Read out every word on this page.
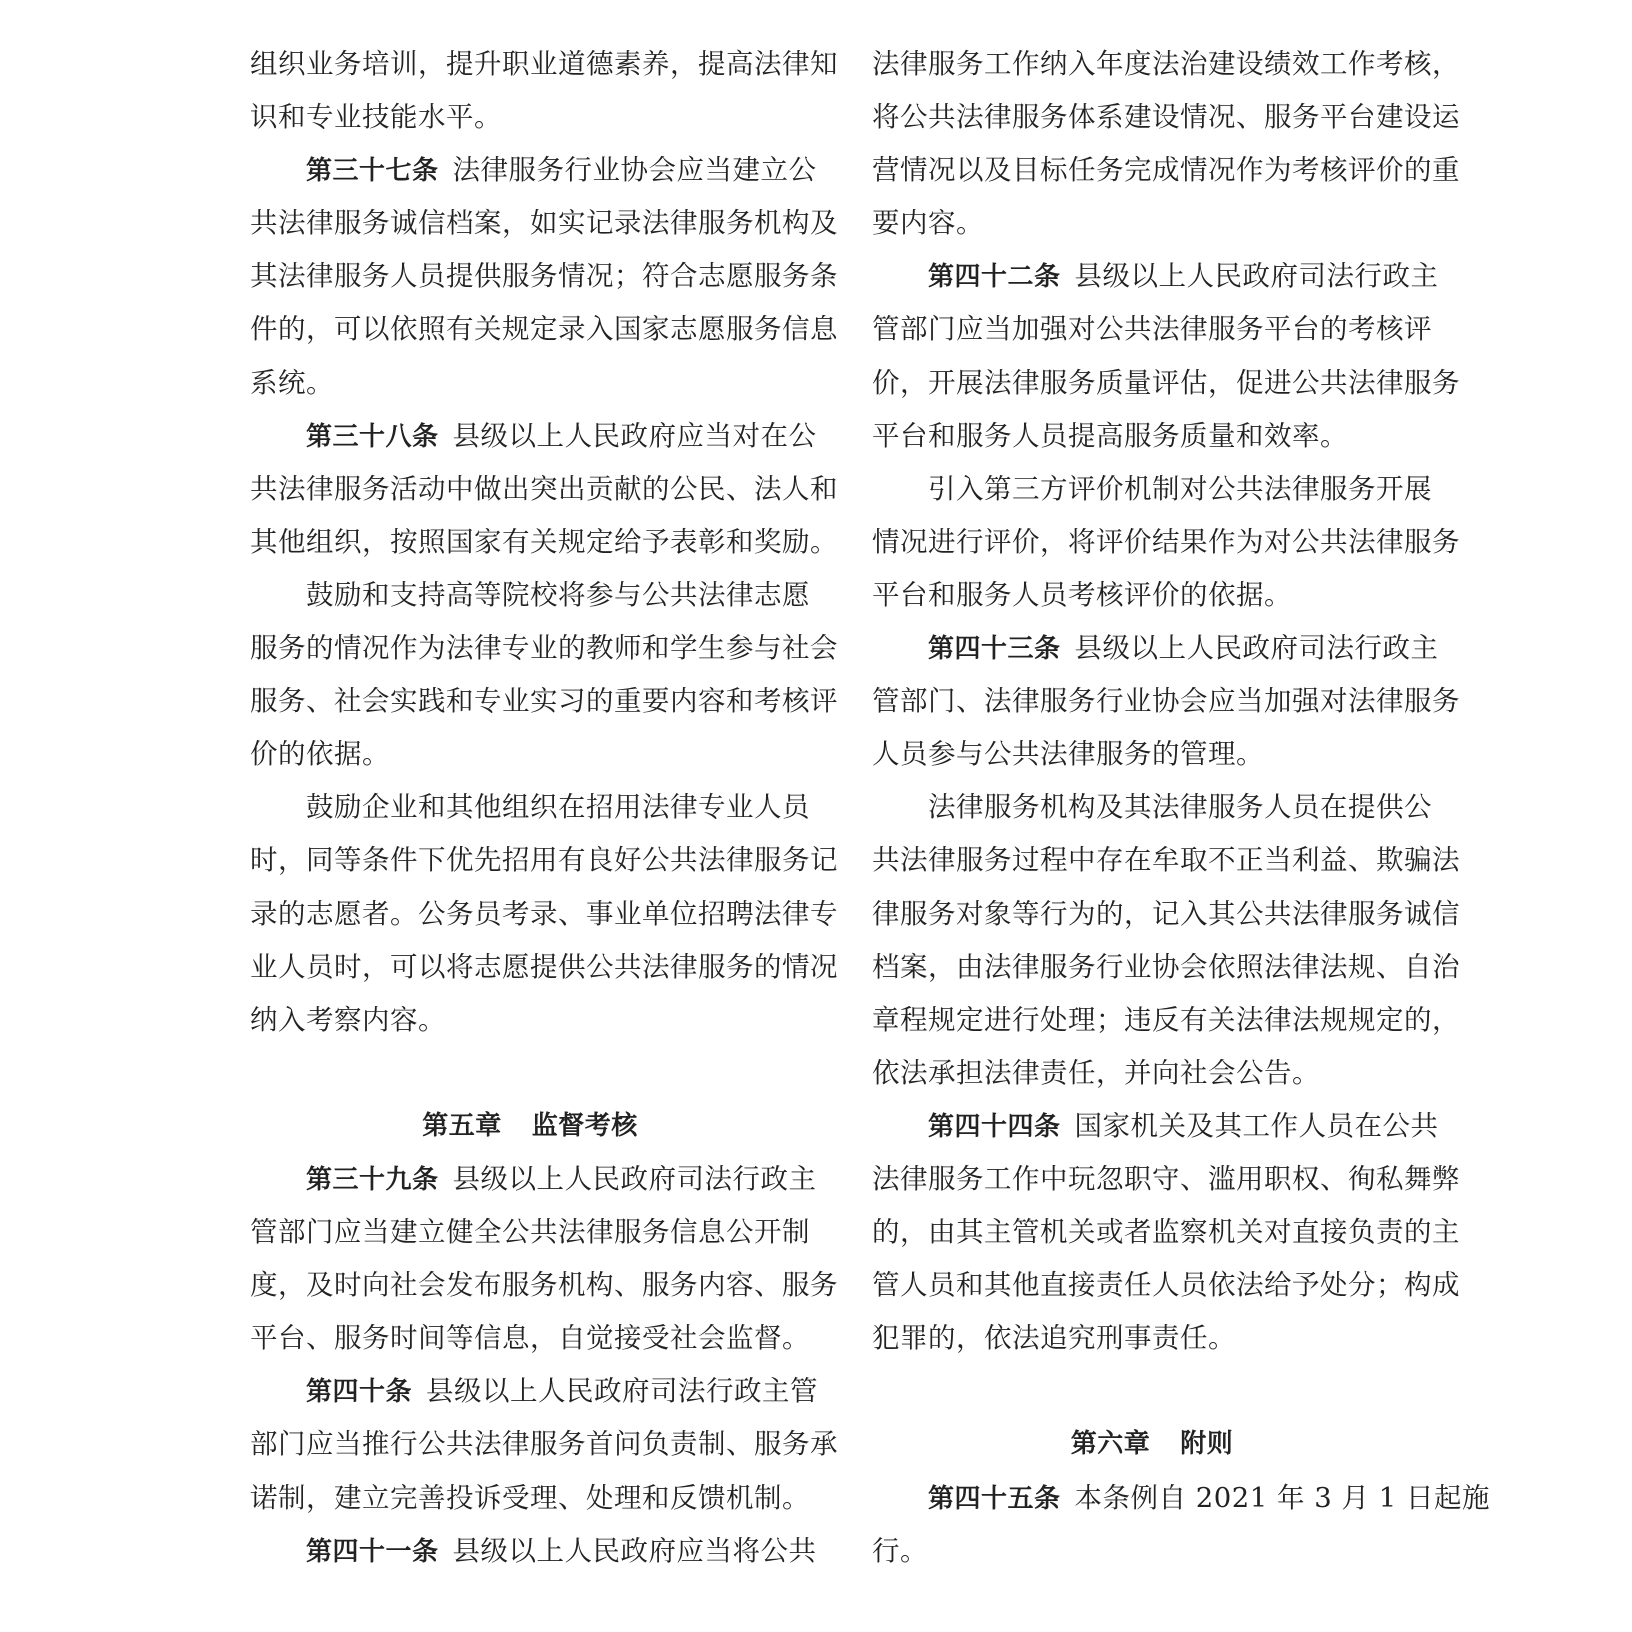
组织业务培训，提升职业道德素养，提高法律知
识和专业技能水平。
第三十七条 法律服务行业协会应当建立公
共法律服务诚信档案，如实记录法律服务机构及
其法律服务人员提供服务情况；符合志愿服务条
件的，可以依照有关规定录入国家志愿服务信息
系统。
第三十八条 县级以上人民政府应当对在公
共法律服务活动中做出突出贡献的公民、法人和
其他组织，按照国家有关规定给予表彰和奖励。
鼓励和支持高等院校将参与公共法律志愿
服务的情况作为法律专业的教师和学生参与社会
服务、社会实践和专业实习的重要内容和考核评
价的依据。
鼓励企业和其他组织在招用法律专业人员
时，同等条件下优先招用有良好公共法律服务记
录的志愿者。公务员考录、事业单位招聘法律专
业人员时，可以将志愿提供公共法律服务的情况
纳入考察内容。
第五章 监督考核
第三十九条 县级以上人民政府司法行政主
管部门应当建立健全公共法律服务信息公开制
度，及时向社会发布服务机构、服务内容、服务
平台、服务时间等信息，自觉接受社会监督。
第四十条 县级以上人民政府司法行政主管
部门应当推行公共法律服务首问负责制、服务承
诺制，建立完善投诉受理、处理和反馈机制。
第四十一条 县级以上人民政府应当将公共
法律服务工作纳入年度法治建设绩效工作考核，
将公共法律服务体系建设情况、服务平台建设运
营情况以及目标任务完成情况作为考核评价的重
要内容。
第四十二条 县级以上人民政府司法行政主
管部门应当加强对公共法律服务平台的考核评
价，开展法律服务质量评估，促进公共法律服务
平台和服务人员提高服务质量和效率。
引入第三方评价机制对公共法律服务开展
情况进行评价，将评价结果作为对公共法律服务
平台和服务人员考核评价的依据。
第四十三条 县级以上人民政府司法行政主
管部门、法律服务行业协会应当加强对法律服务
人员参与公共法律服务的管理。
法律服务机构及其法律服务人员在提供公
共法律服务过程中存在牟取不正当利益、欺骗法
律服务对象等行为的，记入其公共法律服务诚信
档案，由法律服务行业协会依照法律法规、自治
章程规定进行处理；违反有关法律法规规定的，
依法承担法律责任，并向社会公告。
第四十四条 国家机关及其工作人员在公共
法律服务工作中玩忽职守、滥用职权、徇私舞弊
的，由其主管机关或者监察机关对直接负责的主
管人员和其他直接责任人员依法给予处分；构成
犯罪的，依法追究刑事责任。
第六章 附则
第四十五条 本条例自 2021 年 3 月 1 日起施
行。
